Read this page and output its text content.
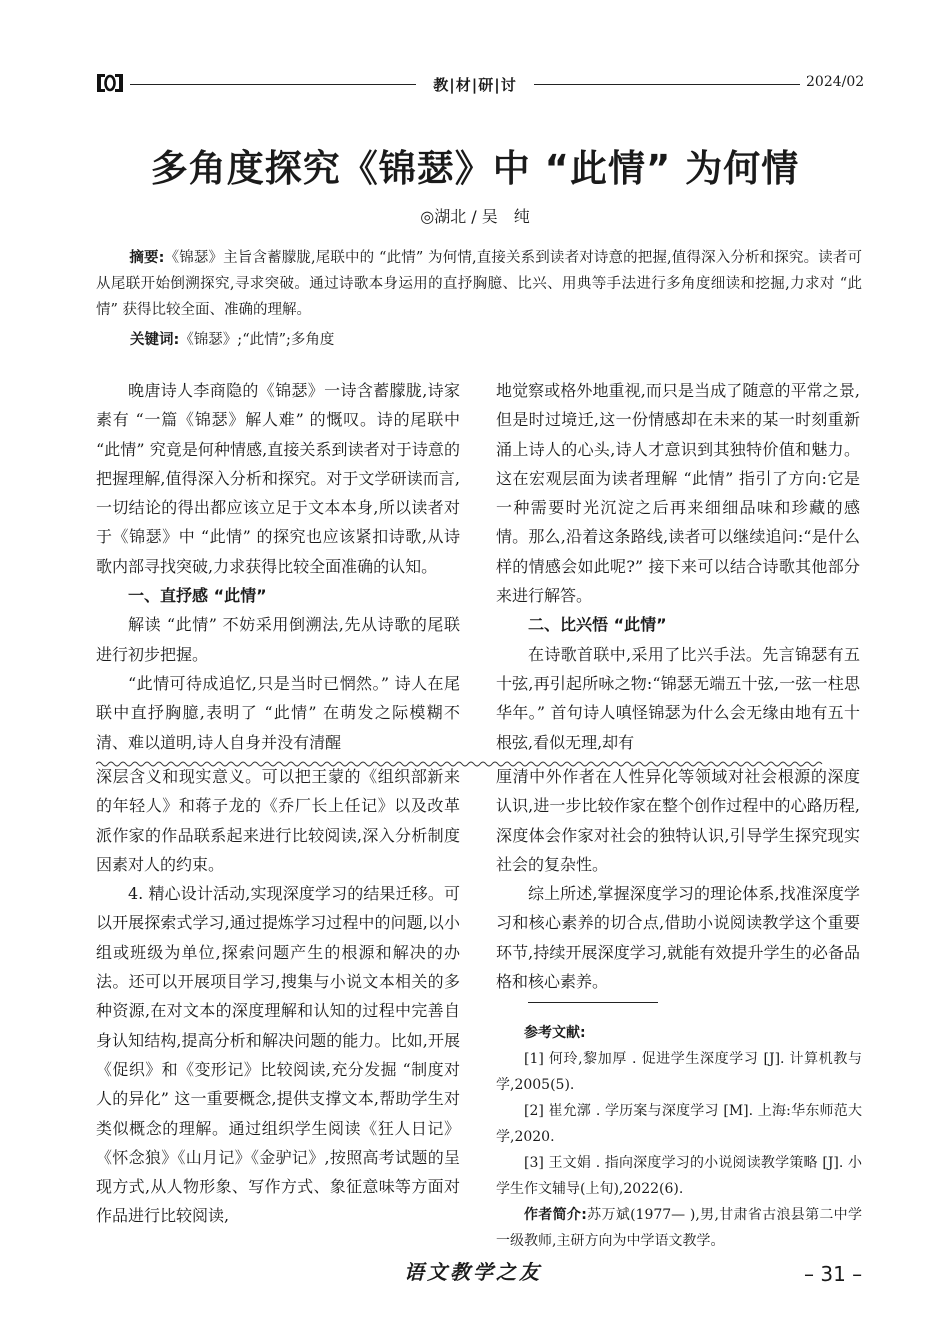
教|材|研|讨	2024/02
多角度探究《锦瑟》中 “此情” 为何情
◎湖北 / 吴　纯
摘要:《锦瑟》主旨含蓄朦胧,尾联中的 “此情” 为何情,直接关系到读者对诗意的把握,值得深入分析和探究。读者可从尾联开始倒溯探究,寻求突破。通过诗歌本身运用的直抒胸臆、比兴、用典等手法进行多角度细读和挖掘,力求对 “此情” 获得比较全面、准确的理解。
关键词:《锦瑟》;“此情”;多角度

晚唐诗人李商隐的《锦瑟》一诗含蓄朦胧,诗家素有 “一篇《锦瑟》解人难” 的慨叹。诗的尾联中 “此情” 究竟是何种情感,直接关系到读者对于诗意的把握理解,值得深入分析和探究。对于文学研读而言,一切结论的得出都应该立足于文本本身,所以读者对于《锦瑟》中 “此情” 的探究也应该紧扣诗歌,从诗歌内部寻找突破,力求获得比较全面准确的认知。

一、直抒感 “此情”

解读 “此情” 不妨采用倒溯法,先从诗歌的尾联进行初步把握。

“此情可待成追忆,只是当时已惘然。” 诗人在尾联中直抒胸臆,表明了 “此情” 在萌发之际模糊不清、难以道明,诗人自身并没有清醒

地觉察或格外地重视,而只是当成了随意的平常之景,但是时过境迁,这一份情感却在未来的某一时刻重新涌上诗人的心头,诗人才意识到其独特价值和魅力。这在宏观层面为读者理解 “此情” 指引了方向:它是一种需要时光沉淀之后再来细细品味和珍藏的感情。那么,沿着这条路线,读者可以继续追问:“是什么样的情感会如此呢?” 接下来可以结合诗歌其他部分来进行解答。

二、比兴悟 “此情”

在诗歌首联中,采用了比兴手法。先言锦瑟有五十弦,再引起所咏之物:“锦瑟无端五十弦,一弦一柱思华年。” 首句诗人嗔怪锦瑟为什么会无缘由地有五十根弦,看似无理,却有

深层含义和现实意义。可以把王蒙的《组织部新来的年轻人》和蒋子龙的《乔厂长上任记》以及改革派作家的作品联系起来进行比较阅读,深入分析制度因素对人的约束。

4. 精心设计活动,实现深度学习的结果迁移。可以开展探索式学习,通过提炼学习过程中的问题,以小组或班级为单位,探索问题产生的根源和解决的办法。还可以开展项目学习,搜集与小说文本相关的多种资源,在对文本的深度理解和认知的过程中完善自身认知结构,提高分析和解决问题的能力。比如,开展《促织》和《变形记》比较阅读,充分发掘 “制度对人的异化” 这一重要概念,提供支撑文本,帮助学生对类似概念的理解。通过组织学生阅读《狂人日记》《怀念狼》《山月记》《金驴记》,按照高考试题的呈现方式,从人物形象、写作方式、象征意味等方面对作品进行比较阅读,

厘清中外作者在人性异化等领域对社会根源的深度认识,进一步比较作家在整个创作过程中的心路历程,深度体会作家对社会的独特认识,引导学生探究现实社会的复杂性。

综上所述,掌握深度学习的理论体系,找准深度学习和核心素养的切合点,借助小说阅读教学这个重要环节,持续开展深度学习,就能有效提升学生的必备品格和核心素养。

参考文献:

[1] 何玲,黎加厚 . 促进学生深度学习 [J]. 计算机教与学,2005(5).

[2] 崔允漷 . 学历案与深度学习 [M]. 上海:华东师范大学,2020.

[3] 王文娟 . 指向深度学习的小说阅读教学策略 [J]. 小学生作文辅导(上旬),2022(6).

作者简介:苏万斌(1977— ),男,甘肃省古浪县第二中学一级教师,主研方向为中学语文教学。

语文教学之友	– 31 –
